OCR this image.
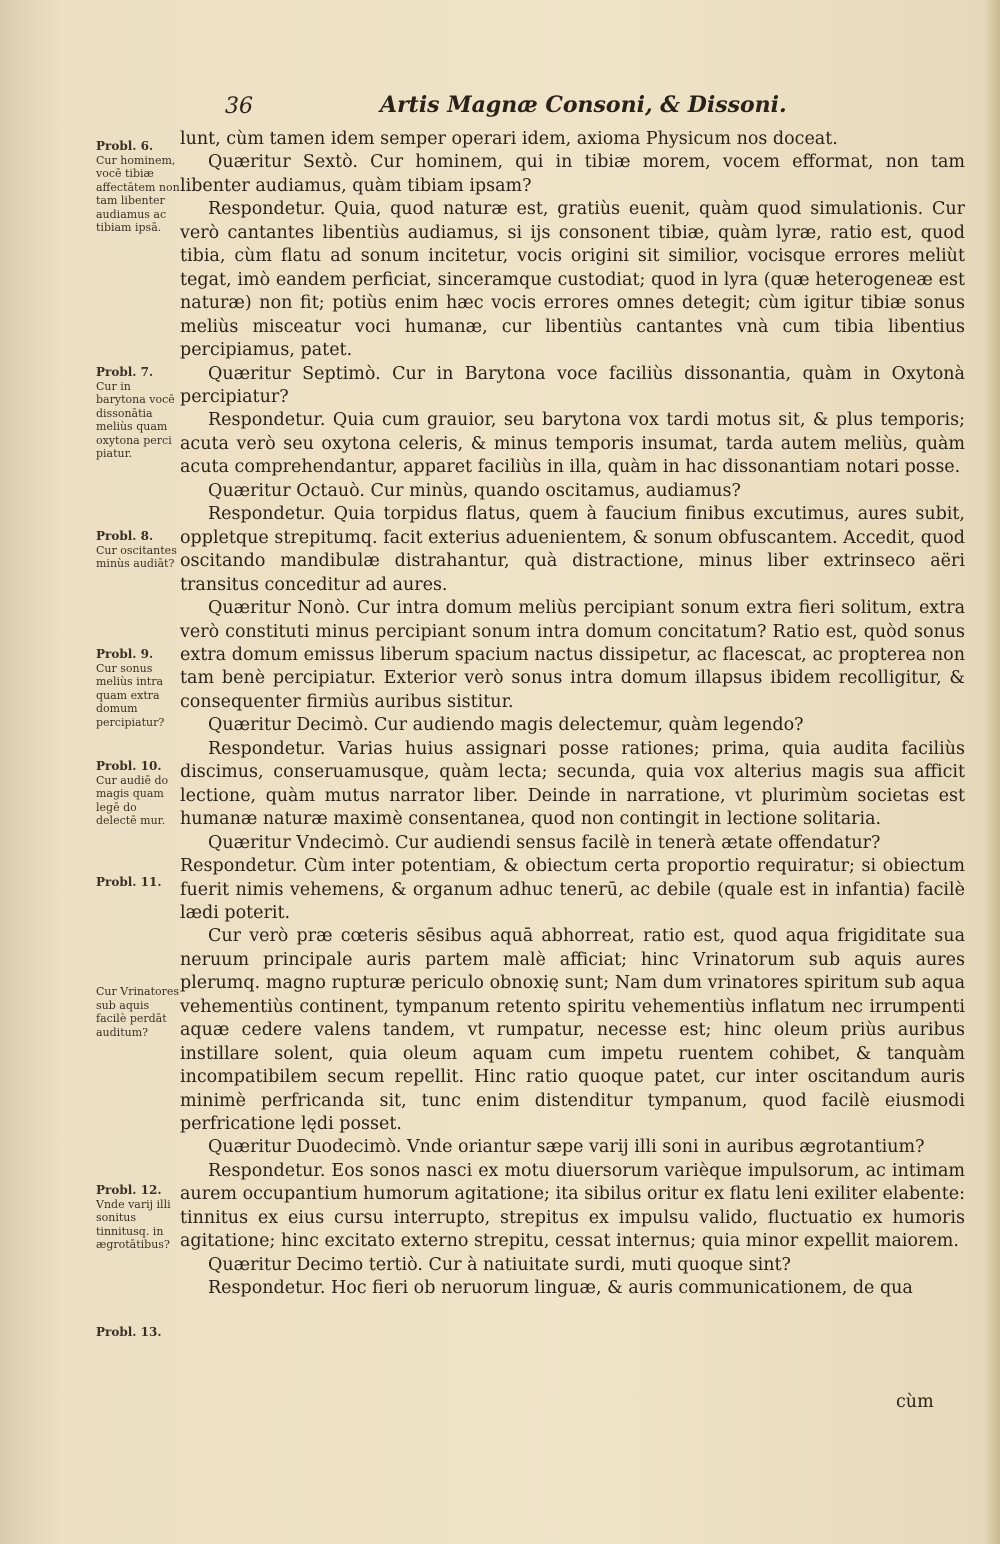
36	Artis Magnæ Consoni, & Dissoni.

lunt, cùm tamen idem semper operari idem, axioma Physicum nos doceat.

Quæritur Sextò. Cur hominem, qui in tibiæ morem, vocem efformat, non tam libenter audiamus, quàm tibiam ipsam?

Respondetur. Quia, quod naturæ est, gratiùs euenit, quàm quod simulationis. Cur verò cantantes libentiùs audiamus, si ijs consonent tibiæ, quàm lyræ, ratio est, quod tibia, cùm flatu ad sonum incitetur, vocis origini sit similior, vocisque errores meliùt tegat, imò eandem perficiat, sinceramque custodiat; quod in lyra (quæ heterogeneæ est naturæ) non fit; potiùs enim hæc vocis errores omnes detegit; cùm igitur tibiæ sonus meliùs misceatur voci humanæ, cur libentiùs cantantes vnà cum tibia libentius percipiamus, patet.

Quæritur Septimò. Cur in Barytona voce faciliùs dissonantia, quàm in Oxytonà percipiatur?

Respondetur. Quia cum grauior, seu barytona vox tardi motus sit, & plus temporis; acuta verò seu oxytona celeris, & minus temporis insumat, tarda autem meliùs, quàm acuta comprehendantur, apparet faciliùs in illa, quàm in hac dissonantiam notari posse.

Quæritur Octauò. Cur minùs, quando oscitamus, audiamus?

Respondetur. Quia torpidus flatus, quem à faucium finibus excutimus, aures subit, oppletque strepitumq. facit exterius aduenientem, & sonum obfuscantem. Accedit, quod oscitando mandibulæ distrahantur, quà distractione, minus liber extrinseco aëri transitus conceditur ad aures.

Quæritur Nonò. Cur intra domum meliùs percipiant sonum extra fieri solitum, extra verò constituti minus percipiant sonum intra domum concitatum? Ratio est, quòd sonus extra domum emissus liberum spacium nactus dissipetur, ac flacescat, ac propterea non tam benè percipiatur. Exterior verò sonus intra domum illapsus ibidem recolligitur, & consequenter firmiùs auribus sistitur.

Quæritur Decimò. Cur audiendo magis delectemur, quàm legendo?

Respondetur. Varias huius assignari posse rationes; prima, quia audita faciliùs discimus, conseruamusque, quàm lecta; secunda, quia vox alterius magis sua afficit lectione, quàm mutus narrator liber. Deinde in narratione, vt plurimùm societas est humanæ naturæ maximè consentanea, quod non contingit in lectione solitaria.

Quæritur Vndecimò. Cur audiendi sensus facilè in tenerà ætate offendatur?

Respondetur. Cùm inter potentiam, & obiectum certa proportio requiratur; si obiectum fuerit nimis vehemens, & organum adhuc tenerū, ac debile (quale est in infantia) facilè lædi poterit.

Cur verò præ cœteris sēsibus aquā abhorreat, ratio est, quod aqua frigiditate sua neruum principale auris partem malè afficiat; hinc Vrinatorum sub aquis aures plerumq. magno rupturæ periculo obnoxię sunt; Nam dum vrinatores spiritum sub aqua vehementiùs continent, tympanum retento spiritu vehementiùs inflatum nec irrumpenti aquæ cedere valens tandem, vt rumpatur, necesse est; hinc oleum priùs auribus instillare solent, quia oleum aquam cum impetu ruentem cohibet, & tanquàm incompatibilem secum repellit. Hinc ratio quoque patet, cur inter oscitandum auris minimè perfricanda sit, tunc enim distenditur tympanum, quod facilè eiusmodi perfricatione lędi posset.

Quæritur Duodecimò. Vnde oriantur sæpe varij illi soni in auribus ægrotantium?

Respondetur. Eos sonos nasci ex motu diuersorum varièque impulsorum, ac intimam aurem occupantium humorum agitatione; ita sibilus oritur ex flatu leni exiliter elabente: tinnitus ex eius cursu interrupto, strepitus ex impulsu valido, fluctuatio ex humoris agitatione; hinc excitato externo strepitu, cessat internus; quia minor expellit maiorem.

Quæritur Decimo tertiò. Cur à natiuitate surdi, muti quoque sint?

Respondetur. Hoc fieri ob neruorum linguæ, & auris communicationem, de qua

cùm
Probl. 6.
Cur hominem, vocē tibiæ affectātem non tam libenter audiamus ac tibiam ipsā.
Probl. 7.
Cur in barytona vocē dissonātia meliùs quam oxytona perci piatur.
Probl. 8.
Cur oscitantes minùs audiāt?
Probl. 9.
Cur sonus meliùs intra quam extra domum percipiatur?
Probl. 10.
Cur audiē do magis quam legē do delectē mur.
Probl. 11.
Cur Vrinatores sub aquis facilè perdāt auditum?
Probl. 12.
Vnde varij illi sonitus tinnitusq. in ægrotātibus?
Probl. 13.
